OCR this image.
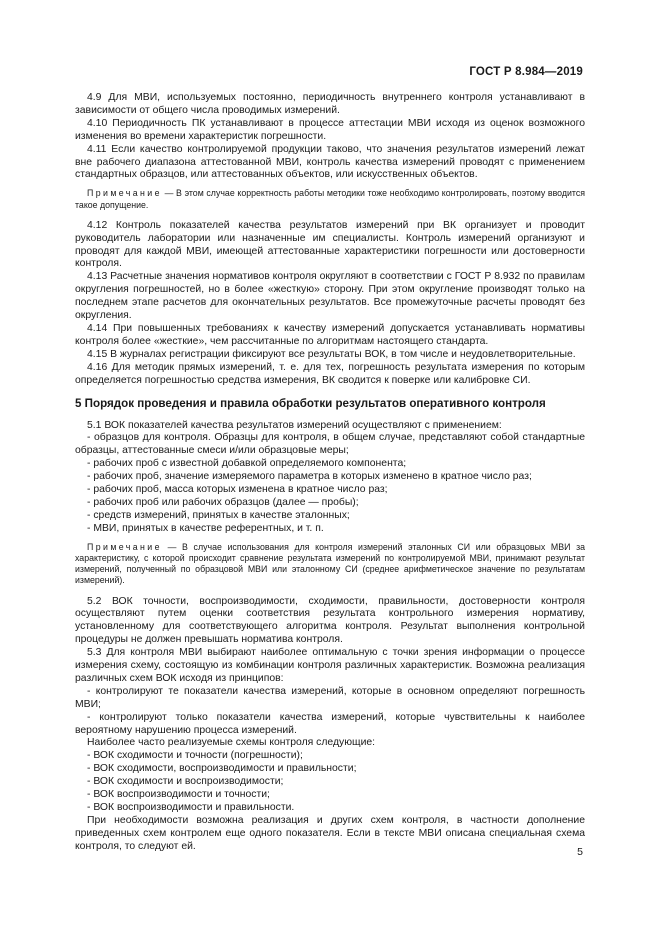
ГОСТ Р 8.984—2019

4.9 Для МВИ, используемых постоянно, периодичность внутреннего контроля устанавливают в зависимости от общего числа проводимых измерений.

4.10 Периодичность ПК устанавливают в процессе аттестации МВИ исходя из оценок возможного изменения во времени характеристик погрешности.

4.11 Если качество контролируемой продукции таково, что значения результатов измерений лежат вне рабочего диапазона аттестованной МВИ, контроль качества измерений проводят с применением стандартных образцов, или аттестованных объектов, или искусственных объектов.

Примечание — В этом случае корректность работы методики тоже необходимо контролировать, поэтому вводится такое допущение.

4.12 Контроль показателей качества результатов измерений при ВК организует и проводит руководитель лаборатории или назначенные им специалисты. Контроль измерений организуют и проводят для каждой МВИ, имеющей аттестованные характеристики погрешности или достоверности контроля.

4.13 Расчетные значения нормативов контроля округляют в соответствии с ГОСТ Р 8.932 по правилам округления погрешностей, но в более «жесткую» сторону. При этом округление производят только на последнем этапе расчетов для окончательных результатов. Все промежуточные расчеты проводят без округления.

4.14 При повышенных требованиях к качеству измерений допускается устанавливать нормативы контроля более «жесткие», чем рассчитанные по алгоритмам настоящего стандарта.

4.15 В журналах регистрации фиксируют все результаты ВОК, в том числе и неудовлетворительные.

4.16 Для методик прямых измерений, т. е. для тех, погрешность результата измерения по которым определяется погрешностью средства измерения, ВК сводится к поверке или калибровке СИ.

5 Порядок проведения и правила обработки результатов оперативного контроля

5.1 ВОК показателей качества результатов измерений осуществляют с применением:

- образцов для контроля. Образцы для контроля, в общем случае, представляют собой стандартные образцы, аттестованные смеси и/или образцовые меры;

- рабочих проб с известной добавкой определяемого компонента;

- рабочих проб, значение измеряемого параметра в которых изменено в кратное число раз;

- рабочих проб, масса которых изменена в кратное число раз;

- рабочих проб или рабочих образцов (далее — пробы);

- средств измерений, принятых в качестве эталонных;

- МВИ, принятых в качестве референтных, и т. п.

Примечание — В случае использования для контроля измерений эталонных СИ или образцовых МВИ за характеристику, с которой происходит сравнение результата измерений по контролируемой МВИ, принимают результат измерений, полученный по образцовой МВИ или эталонному СИ (среднее арифметическое значение по результатам измерений).

5.2 ВОК точности, воспроизводимости, сходимости, правильности, достоверности контроля осуществляют путем оценки соответствия результата контрольного измерения нормативу, установленному для соответствующего алгоритма контроля. Результат выполнения контрольной процедуры не должен превышать норматива контроля.

5.3 Для контроля МВИ выбирают наиболее оптимальную с точки зрения информации о процессе измерения схему, состоящую из комбинации контроля различных характеристик. Возможна реализация различных схем ВОК исходя из принципов:

- контролируют те показатели качества измерений, которые в основном определяют погрешность МВИ;

- контролируют только показатели качества измерений, которые чувствительны к наиболее вероятному нарушению процесса измерений.

Наиболее часто реализуемые схемы контроля следующие:

- ВОК сходимости и точности (погрешности);

- ВОК сходимости, воспроизводимости и правильности;

- ВОК сходимости и воспроизводимости;

- ВОК воспроизводимости и точности;

- ВОК воспроизводимости и правильности.

При необходимости возможна реализация и других схем контроля, в частности дополнение приведенных схем контролем еще одного показателя. Если в тексте МВИ описана специальная схема контроля, то следуют ей.	5
